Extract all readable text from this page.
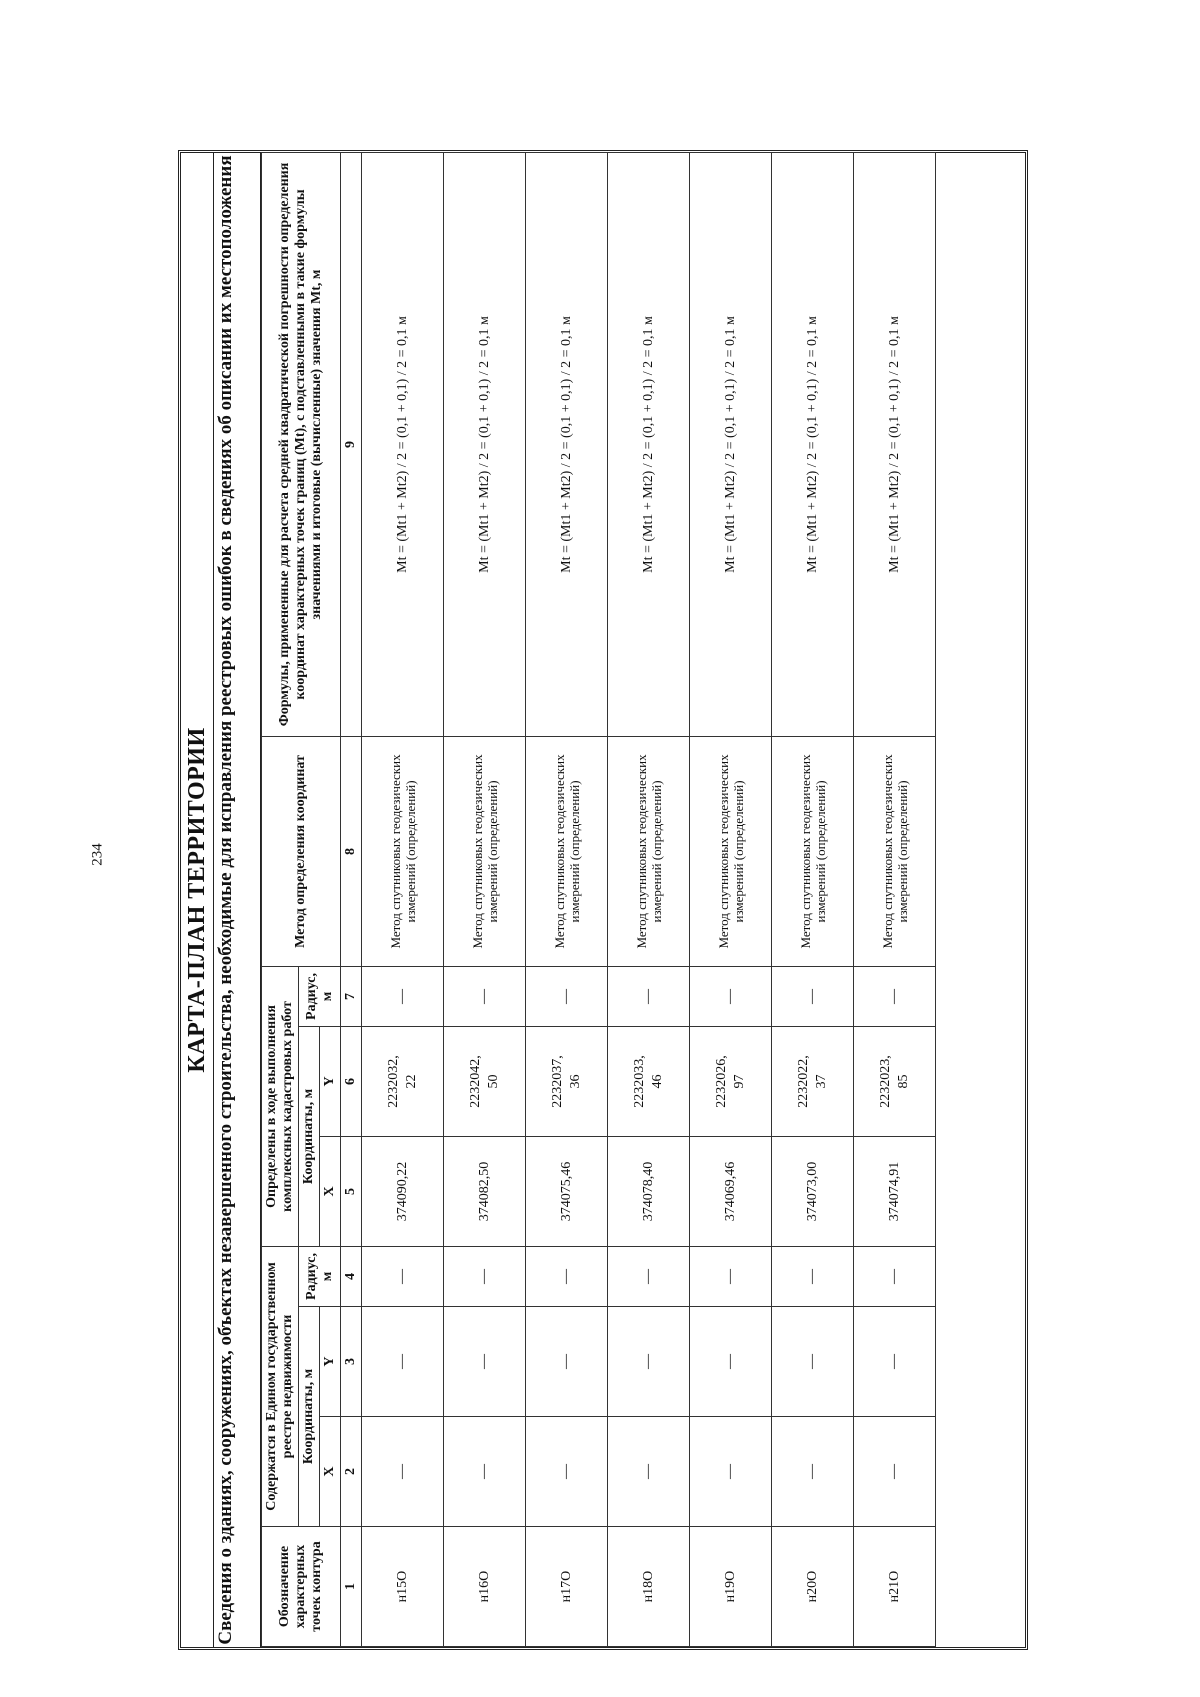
234	КАРТА-ПЛАН ТЕРРИТОРИИ Сведения о зданиях, сооружениях, объектах незавершенного строительства, необходимые для исправления реестровых ошибок в сведениях об описании их местоположения	Обозначение характерных точек контура	Содержатся в Едином государственном реестре недвижимости			Определены в ходе выполнения комплексных кадастровых работ			Метод определения координат	Формулы, примененные для расчета средней квадратической погрешности определения координат характерных точек границ (Mt), с подставленными в такие формулы значениями и итоговые (вычисленные) значения Mt, м
	Координаты, м		Радиус, м	Координаты, м		Радиус, м		
	X	Y		X	Y			
1	2	3	4	5	6	7	8	9
н15О	—	—	—	374090,22	2232032, 22	—	Метод спутниковых геодезических измерений (определений)	Mt = (Mt1 + Mt2) / 2 = (0,1 + 0,1) / 2 = 0,1 м
н16О	—	—	—	374082,50	2232042, 50	—	Метод спутниковых геодезических измерений (определений)	Mt = (Mt1 + Mt2) / 2 = (0,1 + 0,1) / 2 = 0,1 м
н17О	—	—	—	374075,46	2232037, 36	—	Метод спутниковых геодезических измерений (определений)	Mt = (Mt1 + Mt2) / 2 = (0,1 + 0,1) / 2 = 0,1 м
н18О	—	—	—	374078,40	2232033, 46	—	Метод спутниковых геодезических измерений (определений)	Mt = (Mt1 + Mt2) / 2 = (0,1 + 0,1) / 2 = 0,1 м
н19О	—	—	—	374069,46	2232026, 97	—	Метод спутниковых геодезических измерений (определений)	Mt = (Mt1 + Mt2) / 2 = (0,1 + 0,1) / 2 = 0,1 м
н20О	—	—	—	374073,00	2232022, 37	—	Метод спутниковых геодезических измерений (определений)	Mt = (Mt1 + Mt2) / 2 = (0,1 + 0,1) / 2 = 0,1 м
н21О	—	—	—	374074,91	2232023, 85	—	Метод спутниковых геодезических измерений (определений)	Mt = (Mt1 + Mt2) / 2 = (0,1 + 0,1) / 2 = 0,1 м
